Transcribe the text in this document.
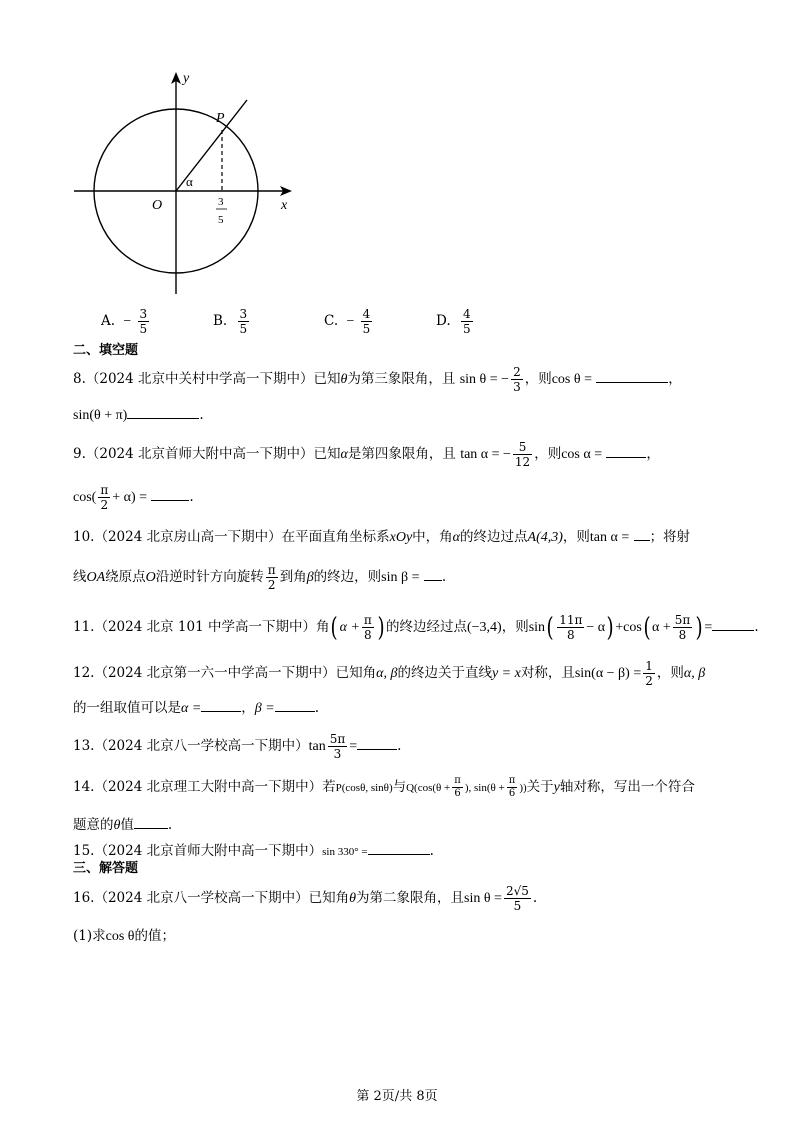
y
x
O
P
α
3
5
A. − $\frac{3}{5}$	B. $\frac{3}{5}$	C. − $\frac{4}{5}$	D. $\frac{4}{5}$
二、填空题
8.（2024 北京中关村中学高一下期中）已知θ为第三象限角，且 sin θ = − $\frac{2}{3}$ ，则cos θ =	，
sin(θ + π)	.
9.（2024 北京首师大附中高一下期中）已知α是第四象限角，且 tan α = − $\frac{5}{12}$ ，则cos α =	，
$\cos( \frac{\pi}{2} + \alpha)$ =	.
10.（2024 北京房山高一下期中）在平面直角坐标系xOy中，角α的终边过点A(4,3)，则tan α = ；将射
线OA绕原点O沿逆时针方向旋转 $\frac{\pi}{2}$ 到角β的终边，则sin β = .
11.（2024 北京 101 中学高一下期中）角( $\alpha + \frac{\pi}{8}$ ) 的终边经过点(−3,4)，则$\sin( \frac{11\pi}{8} - \alpha) +\cos$( $\alpha + \frac{5\pi}{8}$ ) =	.
12.（2024 北京第一六一中学高一下期中）已知角α, β的终边关于直线y = x对称，且$\sin(\alpha - \beta) = \frac{1}{2}$ ，则α, β
的一组取值可以是α =	，β =	.
13.（2024 北京八一学校高一下期中）$\tan \frac{5\pi}{3}$ =	.
14.（2024 北京理工大附中高一下期中）若P(cosθ, sinθ)与$Q(\cos(\theta + \frac{\pi}{6}$ ), $\sin(\theta + \frac{\pi}{6}$ ))关于y轴对称，写出一个符合
题意的θ值	.
15.（2024 北京首师大附中高一下期中）sin 330° =	.
三、解答题
16.（2024 北京八一学校高一下期中）已知角θ为第二象限角，且$\sin \theta = \frac{2√5}{5}$ .
(1)求cos θ的值；
第 2页/共 8页
